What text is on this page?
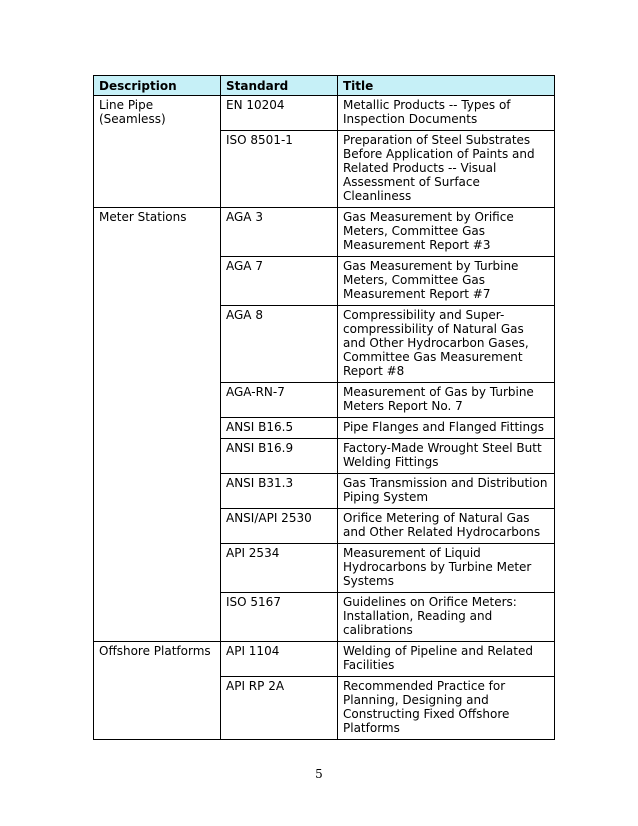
Description	Standard	Title
Line Pipe (Seamless)	EN 10204	Metallic Products -- Types of Inspection Documents
	ISO 8501-1	Preparation of Steel Substrates Before Application of Paints and Related Products -- Visual Assessment of Surface Cleanliness
Meter Stations	AGA 3	Gas Measurement by Orifice Meters, Committee Gas Measurement Report #3
	AGA 7	Gas Measurement by Turbine Meters, Committee Gas Measurement Report #7
	AGA 8	Compressibility and Super-compressibility of Natural Gas and Other Hydrocarbon Gases, Committee Gas Measurement Report #8
	AGA-RN-7	Measurement of Gas by Turbine Meters Report No. 7
	ANSI B16.5	Pipe Flanges and Flanged Fittings
	ANSI B16.9	Factory-Made Wrought Steel Butt Welding Fittings
	ANSI B31.3	Gas Transmission and Distribution Piping System
	ANSI/API 2530	Orifice Metering of Natural Gas and Other Related Hydrocarbons
	API 2534	Measurement of Liquid Hydrocarbons by Turbine Meter Systems
	ISO 5167	Guidelines on Orifice Meters: Installation, Reading and calibrations
Offshore Platforms	API 1104	Welding of Pipeline and Related Facilities
	API RP 2A	Recommended Practice for Planning, Designing and Constructing Fixed Offshore Platforms
5
